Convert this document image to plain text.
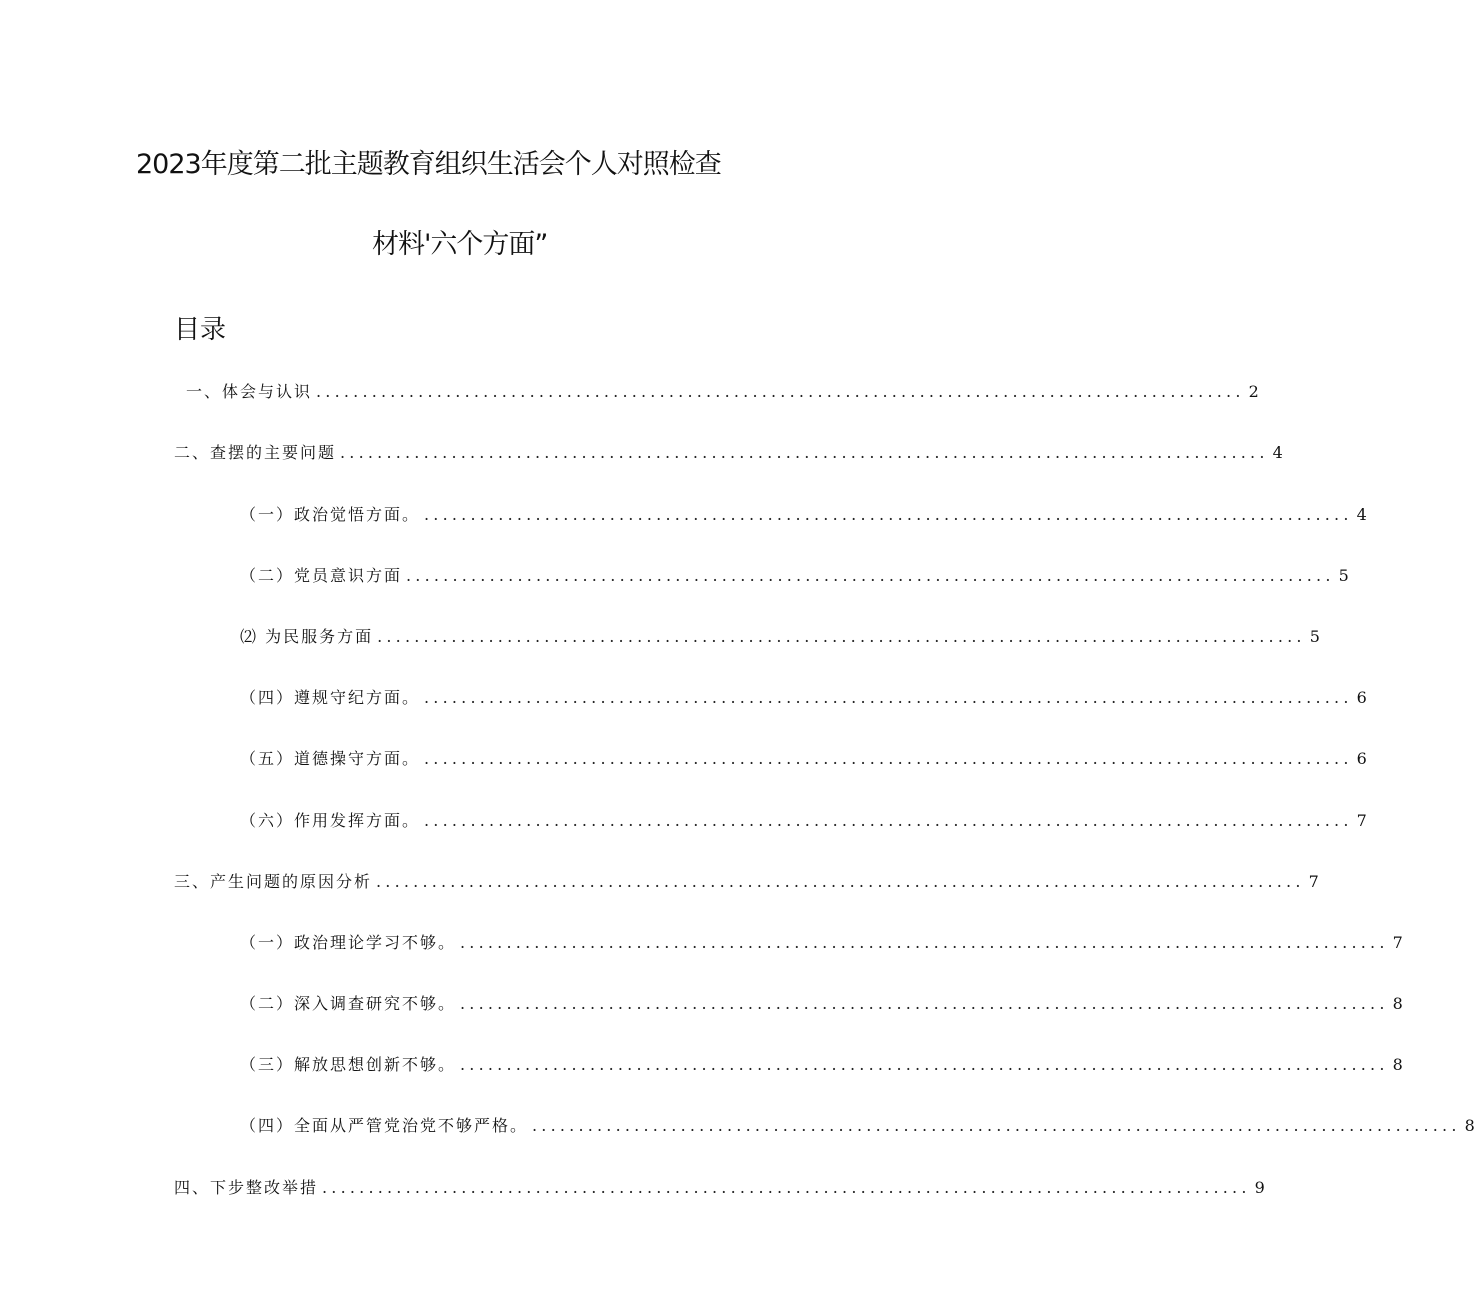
2023年度第二批主题教育组织生活会个人对照检查
材料'六个方面”
目录
一、体会与认识 .................................................................................................... 2
二、查摆的主要问题 .................................................................................................... 4
（一）政治觉悟方面。 .................................................................................................... 4
（二）党员意识方面 .................................................................................................... 5
⑵ 为民服务方面 .................................................................................................... 5
（四）遵规守纪方面。 .................................................................................................... 6
（五）道德操守方面。 .................................................................................................... 6
（六）作用发挥方面。 .................................................................................................... 7
三、产生问题的原因分析 .................................................................................................... 7
（一）政治理论学习不够。 .................................................................................................... 7
（二）深入调查研究不够。 .................................................................................................... 8
（三）解放思想创新不够。 .................................................................................................... 8
（四）全面从严管党治党不够严格。 .................................................................................................... 8
四、下步整改举措 .................................................................................................... 9
